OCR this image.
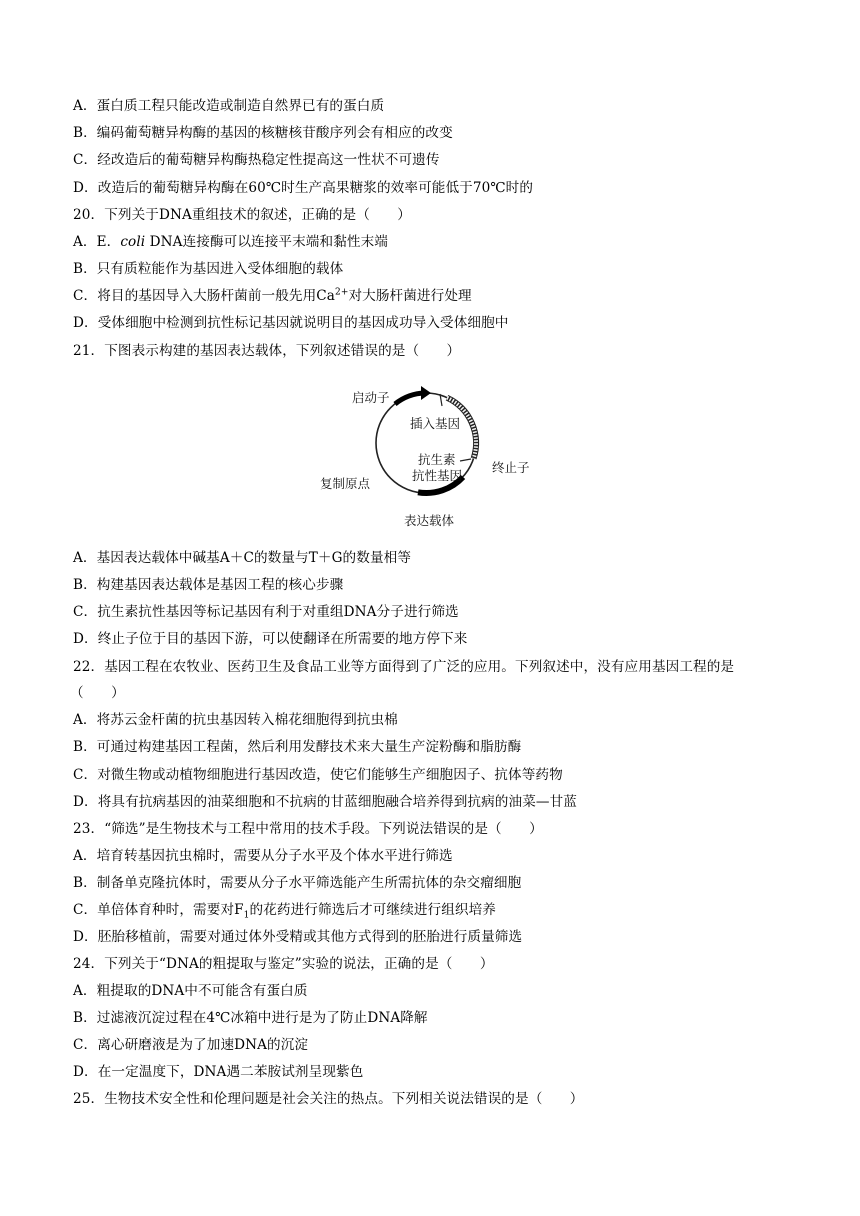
A．蛋白质工程只能改造或制造自然界已有的蛋白质
B．编码葡萄糖异构酶的基因的核糖核苷酸序列会有相应的改变
C．经改造后的葡萄糖异构酶热稳定性提高这一性状不可遗传
D．改造后的葡萄糖异构酶在60℃时生产高果糖浆的效率可能低于70℃时的
20．下列关于DNA重组技术的叙述，正确的是（　　）
A．E．coli DNA连接酶可以连接平末端和黏性末端
B．只有质粒能作为基因进入受体细胞的载体
C．将目的基因导入大肠杆菌前一般先用$Ca^{2+}$对大肠杆菌进行处理
D．受体细胞中检测到抗性标记基因就说明目的基因成功导入受体细胞中
21．下图表示构建的基因表达载体，下列叙述错误的是（　　）
启动子
插入基因
终止子
抗生素
抗性基因
复制原点
表达载体
A．基因表达载体中碱基A＋C的数量与T＋G的数量相等
B．构建基因表达载体是基因工程的核心步骤
C．抗生素抗性基因等标记基因有利于对重组DNA分子进行筛选
D．终止子位于目的基因下游，可以使翻译在所需要的地方停下来
22．基因工程在农牧业、医药卫生及食品工业等方面得到了广泛的应用。下列叙述中，没有应用基因工程的是
（　　）
A．将苏云金杆菌的抗虫基因转入棉花细胞得到抗虫棉
B．可通过构建基因工程菌，然后利用发酵技术来大量生产淀粉酶和脂肪酶
C．对微生物或动植物细胞进行基因改造，使它们能够生产细胞因子、抗体等药物
D．将具有抗病基因的油菜细胞和不抗病的甘蓝细胞融合培养得到抗病的油菜—甘蓝
23．“筛选”是生物技术与工程中常用的技术手段。下列说法错误的是（　　）
A．培育转基因抗虫棉时，需要从分子水平及个体水平进行筛选
B．制备单克隆抗体时，需要从分子水平筛选能产生所需抗体的杂交瘤细胞
C．单倍体育种时，需要对$F_1$的花药进行筛选后才可继续进行组织培养
D．胚胎移植前，需要对通过体外受精或其他方式得到的胚胎进行质量筛选
24．下列关于“DNA的粗提取与鉴定”实验的说法，正确的是（　　）
A．粗提取的DNA中不可能含有蛋白质
B．过滤液沉淀过程在4℃冰箱中进行是为了防止DNA降解
C．离心研磨液是为了加速DNA的沉淀
D．在一定温度下，DNA遇二苯胺试剂呈现紫色
25．生物技术安全性和伦理问题是社会关注的热点。下列相关说法错误的是（　　）
